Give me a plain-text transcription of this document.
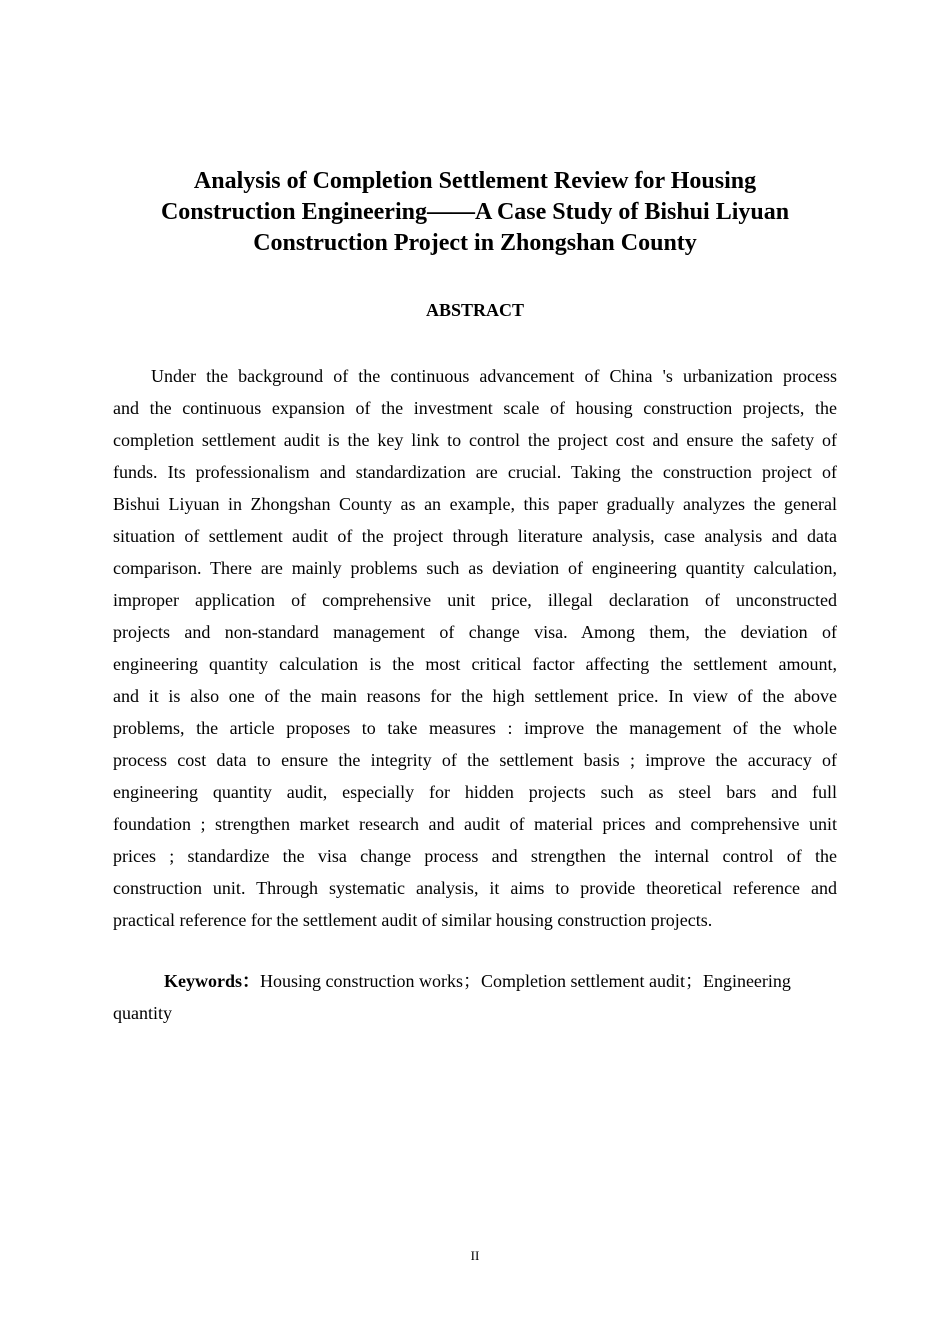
Analysis of Completion Settlement Review for Housing
Construction Engineering——A Case Study of Bishui Liyuan
Construction Project in Zhongshan County
ABSTRACT

Under the background of the continuous advancement of China 's urbanization process
and the continuous expansion of the investment scale of housing construction projects, the
completion settlement audit is the key link to control the project cost and ensure the safety of
funds. Its professionalism and standardization are crucial. Taking the construction project of
Bishui Liyuan in Zhongshan County as an example, this paper gradually analyzes the general
situation of settlement audit of the project through literature analysis, case analysis and data
comparison. There are mainly problems such as deviation of engineering quantity calculation,
improper application of comprehensive unit price, illegal declaration of unconstructed
projects and non-standard management of change visa. Among them, the deviation of
engineering quantity calculation is the most critical factor affecting the settlement amount,
and it is also one of the main reasons for the high settlement price. In view of the above
problems, the article proposes to take measures : improve the management of the whole
process cost data to ensure the integrity of the settlement basis ; improve the accuracy of
engineering quantity audit, especially for hidden projects such as steel bars and full
foundation ; strengthen market research and audit of material prices and comprehensive unit
prices ; standardize the visa change process and strengthen the internal control of the
construction unit. Through systematic analysis, it aims to provide theoretical reference and
practical reference for the settlement audit of similar housing construction projects.

Keywords：Housing construction works；Completion settlement audit；Engineering
quantity

II
